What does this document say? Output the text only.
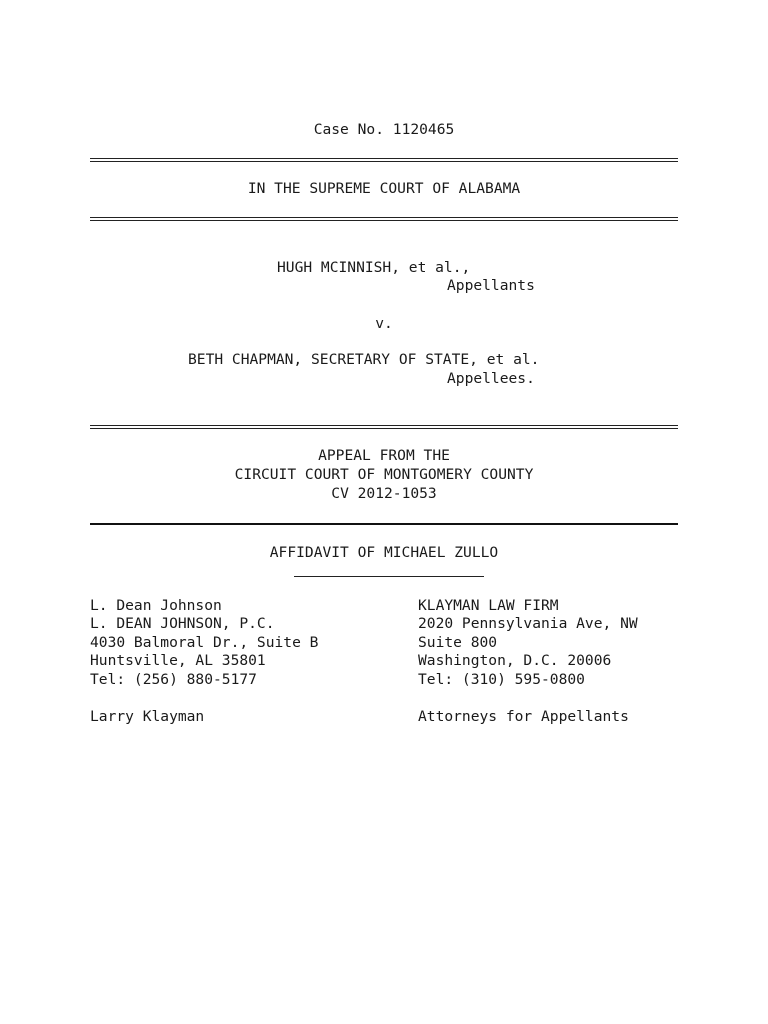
Case No. 1120465
IN THE SUPREME COURT OF ALABAMA
HUGH MCINNISH, et al.,
Appellants
v.
BETH CHAPMAN, SECRETARY OF STATE, et al.
Appellees.
APPEAL FROM THE
CIRCUIT COURT OF MONTGOMERY COUNTY
CV 2012-1053
AFFIDAVIT OF MICHAEL ZULLO
L. Dean Johnson
L. DEAN JOHNSON, P.C.
4030 Balmoral Dr., Suite B
Huntsville, AL 35801
Tel: (256) 880-5177
Larry Klayman
KLAYMAN LAW FIRM
2020 Pennsylvania Ave, NW
Suite 800
Washington, D.C. 20006
Tel: (310) 595-0800
Attorneys for Appellants
